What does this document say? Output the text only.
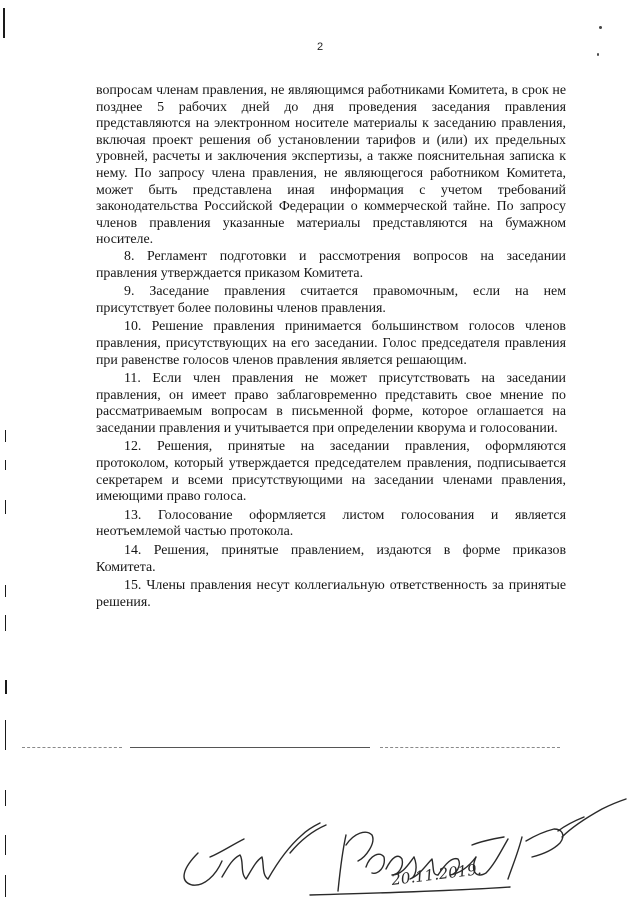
2

вопросам членам правления, не являющимся работниками Комитета, в срок не позднее 5 рабочих дней до дня проведения заседания правления представляются на электронном носителе материалы к заседанию правления, включая проект решения об установлении тарифов и (или) их предельных уровней, расчеты и заключения экспертизы, а также пояснительная записка к нему. По запросу члена правления, не являющегося работником Комитета, может быть представлена иная информация с учетом требований законодательства Российской Федерации о коммерческой тайне. По запросу членов правления указанные материалы представляются на бумажном носителе.

8. Регламент подготовки и рассмотрения вопросов на заседании правления утверждается приказом Комитета.

9. Заседание правления считается правомочным, если на нем присутствует более половины членов правления.

10. Решение правления принимается большинством голосов членов правления, присутствующих на его заседании. Голос председателя правления при равенстве голосов членов правления является решающим.

11. Если член правления не может присутствовать на заседании правления, он имеет право заблаговременно представить свое мнение по рассматриваемым вопросам в письменной форме, которое оглашается на заседании правления и учитывается при определении кворума и голосовании.

12. Решения, принятые на заседании правления, оформляются протоколом, который утверждается председателем правления, подписывается секретарем и всеми присутствующими на заседании членами правления, имеющими право голоса.

13. Голосование оформляется листом голосования и является неотъемлемой частью протокола.

14. Решения, принятые правлением, издаются в форме приказов Комитета.

15. Члены правления несут коллегиальную ответственность за принятые решения.

20.11.2019.
